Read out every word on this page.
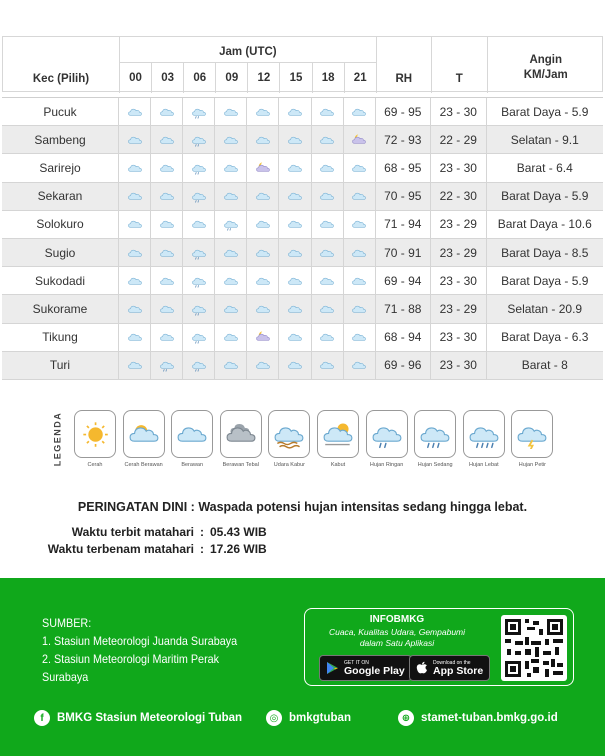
Kec (Pilih)
Jam (UTC)
00	03	06	09	12	15	18	21	RH	T
Angin
KM/Jam
Pucuk	69 - 95	23 - 30	Barat Daya - 5.9
Sambeng	72 - 93	22 - 29	Selatan - 9.1
Sarirejo	68 - 95	23 - 30	Barat - 6.4
Sekaran	70 - 95	22 - 30	Barat Daya - 5.9
Solokuro	71 - 94	23 - 29	Barat Daya - 10.6
Sugio	70 - 91	23 - 29	Barat Daya - 8.5
Sukodadi	69 - 94	23 - 30	Barat Daya - 5.9
Sukorame	71 - 88	23 - 29	Selatan - 20.9
Tikung	68 - 94	23 - 30	Barat Daya - 6.3
Turi	69 - 96	23 - 30	Barat - 8
LEGENDA	Cerah	Cerah Berawan	Berawan	Berawan Tebal	Udara Kabur	Kabut	Hujan Ringan	Hujan Sedang	Hujan Lebat	Hujan Petir
PERINGATAN DINI : Waspada potensi hujan intensitas sedang hingga lebat.
Waktu terbit matahari : 05.43 WIB
Waktu terbenam matahari : 17.26 WIB
SUMBER:
1. Stasiun Meteorologi Juanda Surabaya
2. Stasiun Meteorologi Maritim Perak
Surabaya
INFOBMKG
Cuaca, Kualitas Udara, Gempabumi
dalam Satu Aplikasi
GET IT ON
Google Play
Download on the
App Store
f	BMKG Stasiun Meteorologi Tuban	◎ bmkgtuban	⊕ stamet-tuban.bmkg.go.id
